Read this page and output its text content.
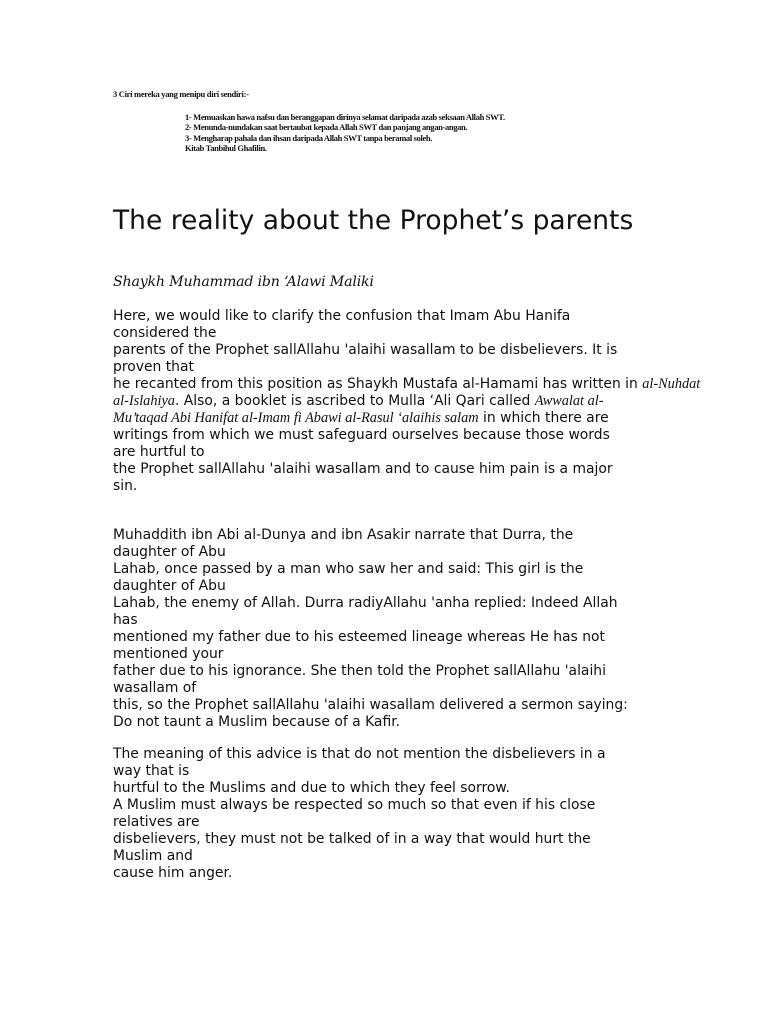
3 Ciri mereka yang menipu diri sendiri:-
1- Memuaskan hawa nafsu dan beranggapan dirinya selamat daripada azab seksaan Allah SWT.
2- Menunda-nundakan saat bertaubat kepada Allah SWT dan panjang angan-angan.
3- Mengharap pahala dan ihsan daripada Allah SWT tanpa beramal soleh.
Kitab Tanbihul Ghafilin.
The reality about the Prophet’s parents
Shaykh Muhammad ibn ‘Alawi Maliki
Here, we would like to clarify the confusion that Imam Abu Hanifa
considered the
parents of the Prophet sallAllahu 'alaihi wasallam to be disbelievers. It is
proven that
he recanted from this position as Shaykh Mustafa al-Hamami has written in al-Nuhdat
al-Islahiya. Also, a booklet is ascribed to Mulla ‘Ali Qari called Awwalat al-
Mu’taqad Abi Hanifat al-Imam fi Abawi al-Rasul ‘alaihis salam in which there are
writings from which we must safeguard ourselves because those words
are hurtful to
the Prophet sallAllahu 'alaihi wasallam and to cause him pain is a major
sin.
Muhaddith ibn Abi al-Dunya and ibn Asakir narrate that Durra, the
daughter of Abu
Lahab, once passed by a man who saw her and said: This girl is the
daughter of Abu
Lahab, the enemy of Allah. Durra radiyAllahu 'anha replied: Indeed Allah
has
mentioned my father due to his esteemed lineage whereas He has not
mentioned your
father due to his ignorance. She then told the Prophet sallAllahu 'alaihi
wasallam of
this, so the Prophet sallAllahu 'alaihi wasallam delivered a sermon saying:
Do not taunt a Muslim because of a Kafir.
The meaning of this advice is that do not mention the disbelievers in a
way that is
hurtful to the Muslims and due to which they feel sorrow.
A Muslim must always be respected so much so that even if his close
relatives are
disbelievers, they must not be talked of in a way that would hurt the
Muslim and
cause him anger.
